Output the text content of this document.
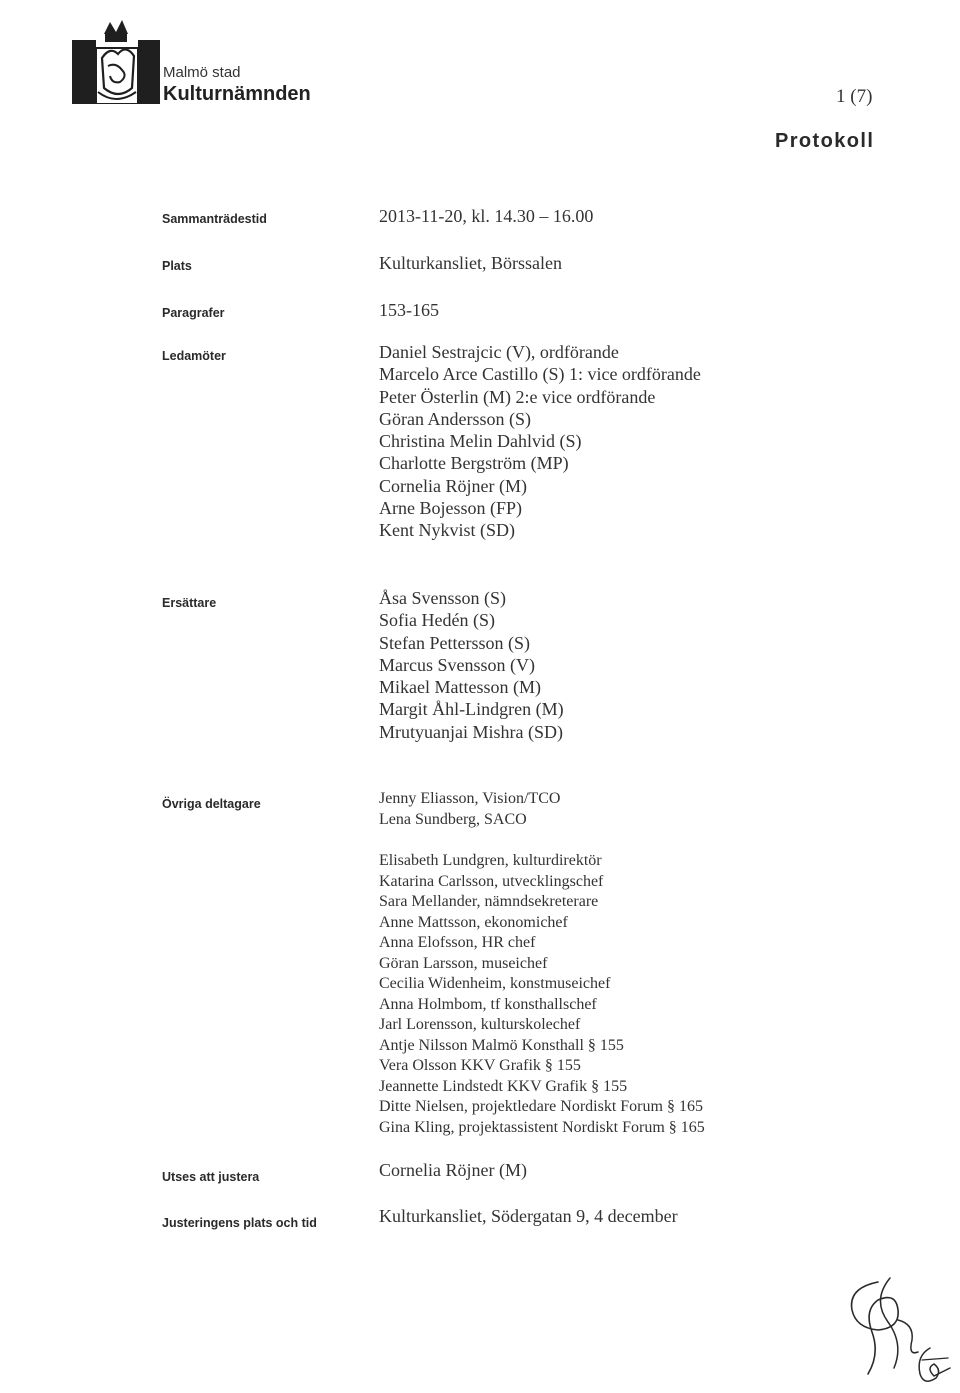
Malmö stad
Kulturnämnden	1 (7)
Protokoll
Sammanträdestid	2013-11-20, kl. 14.30 – 16.00
Plats	Kulturkansliet, Börssalen
Paragrafer	153-165
Ledamöter	Daniel Sestrajcic (V), ordförande
Marcelo Arce Castillo (S) 1: vice ordförande
Peter Österlin (M) 2:e vice ordförande
Göran Andersson (S)
Christina Melin Dahlvid (S)
Charlotte Bergström (MP)
Cornelia Röjner (M)
Arne Bojesson (FP)
Kent Nykvist (SD)
Ersättare	Åsa Svensson (S)
Sofia Hedén (S)
Stefan Pettersson (S)
Marcus Svensson (V)
Mikael Mattesson (M)
Margit Åhl-Lindgren (M)
Mrutyuanjai Mishra (SD)
Övriga deltagare	Jenny Eliasson, Vision/TCO
Lena Sundberg, SACO
Elisabeth Lundgren, kulturdirektör
Katarina Carlsson, utvecklingschef
Sara Mellander, nämndsekreterare
Anne Mattsson, ekonomichef
Anna Elofsson, HR chef
Göran Larsson, museichef
Cecilia Widenheim, konstmuseichef
Anna Holmbom, tf konsthallschef
Jarl Lorensson, kulturskolechef
Antje Nilsson Malmö Konsthall § 155
Vera Olsson KKV Grafik § 155
Jeannette Lindstedt KKV Grafik § 155
Ditte Nielsen, projektledare Nordiskt Forum § 165
Gina Kling, projektassistent Nordiskt Forum § 165
Utses att justera	Cornelia Röjner (M)
Justeringens plats och tid	Kulturkansliet, Södergatan 9, 4 december
